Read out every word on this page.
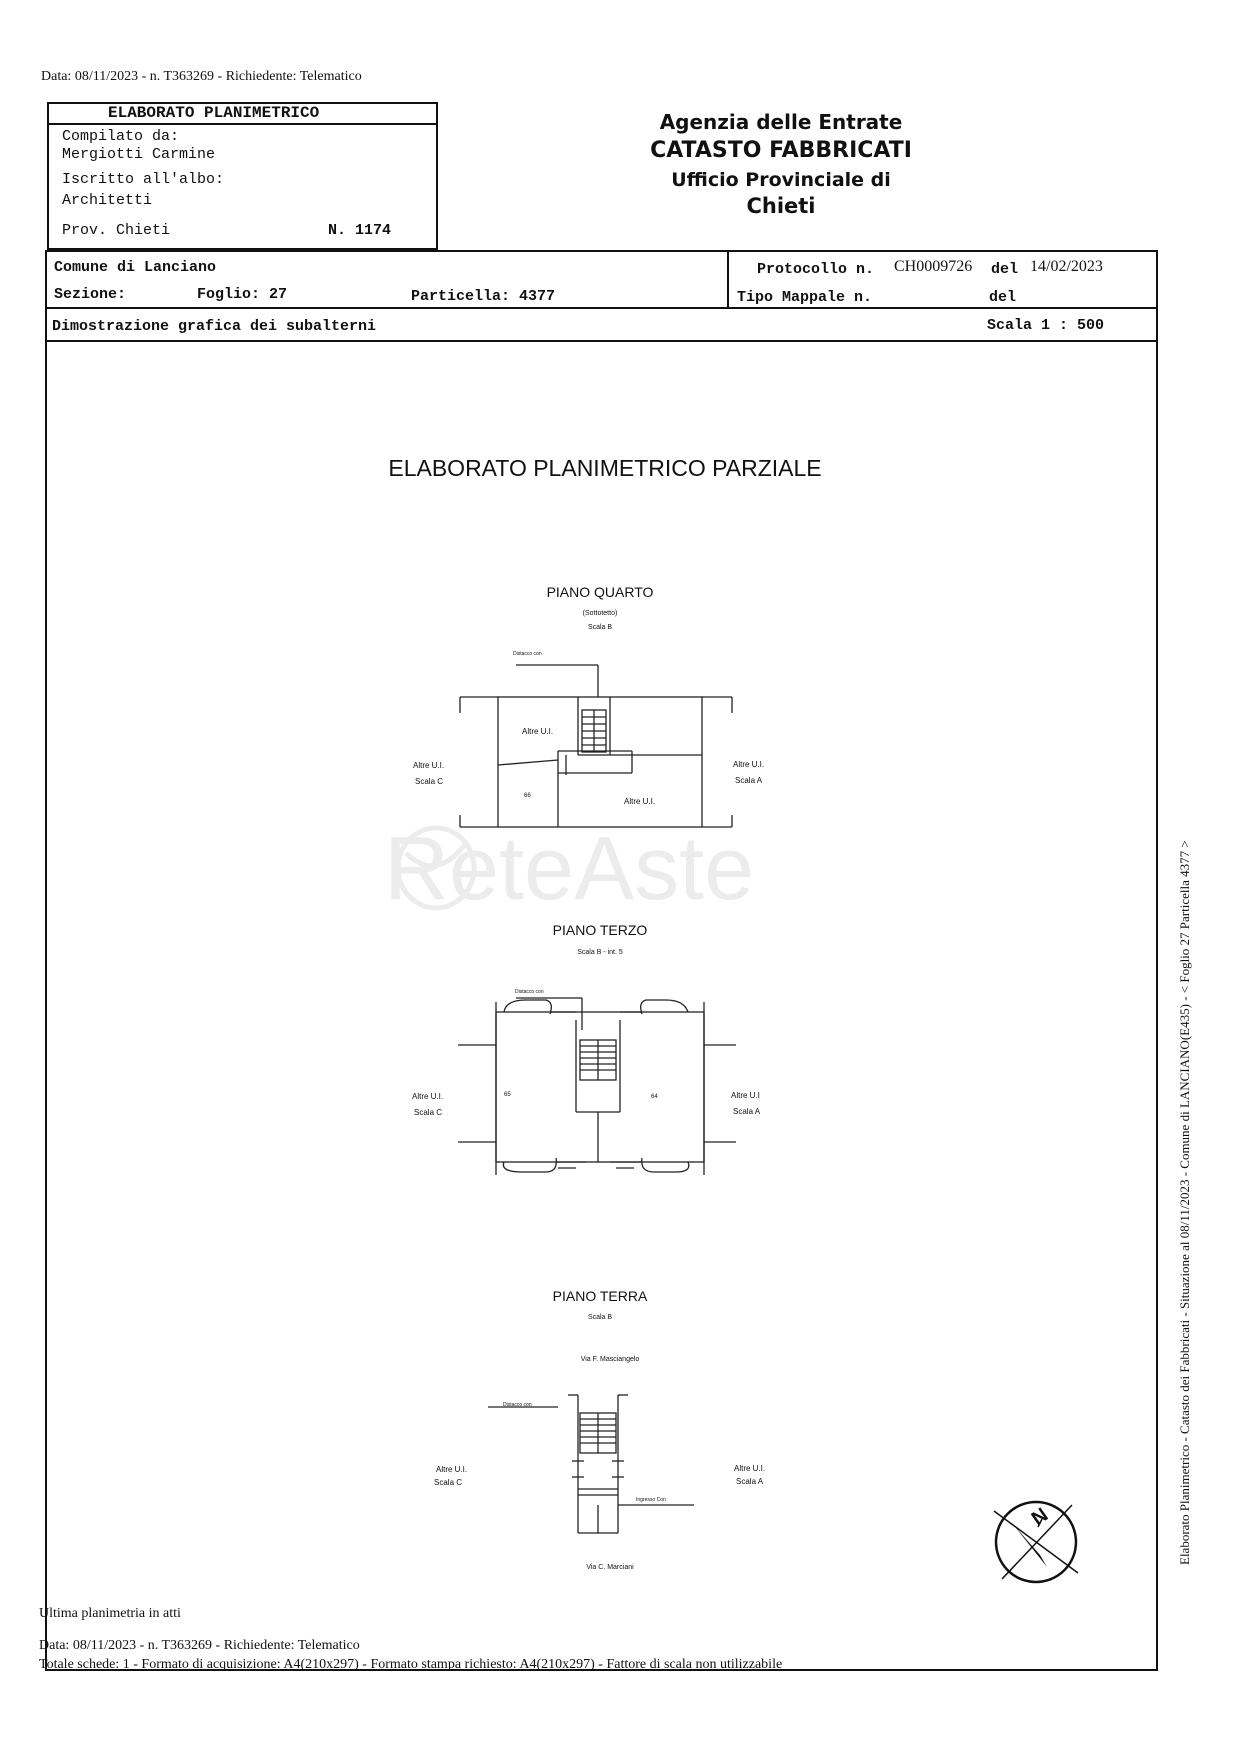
Data: 08/11/2023 - n. T363269 - Richiedente: Telematico
ELABORATO PLANIMETRICO
Compilato da:
Mergiotti Carmine
Iscritto all'albo:
Architetti
Prov. Chieti	N. 1174
Agenzia delle Entrate
CATASTO FABBRICATI
Ufficio Provinciale di
Chieti
Comune di Lanciano
Sezione:	Foglio: 27	Particella: 4377
Protocollo n. CH0009726 del 14/02/2023
Tipo Mappale n.	del
Dimostrazione grafica dei subalterni	Scala 1 : 500
ELABORATO PLANIMETRICO PARZIALE
ReteAste
PIANO QUARTO
(Sottotetto)
Scala B
Distacco con
Altre U.I.
Altre U.I.
66
Altre U.I.
Scala C
Altre U.I.
Scala A
PIANO TERZO
Scala B - int. 5
Distacco con
65	64
Altre U.I.
Scala C
Altre U.I
Scala A
PIANO TERRA
Scala B
Via F. Masciangelo
Distacco con
Ingresso Con
Altre U.I.
Scala C
Altre U.I.
Scala A
Via C. Marciani
N	Elaborato Planimetrico - Catasto dei Fabbricati - Situazione al 08/11/2023 - Comune di LANCIANO(E435) - < Foglio 27 Particella 4377 >
Ultima planimetria in atti
Data: 08/11/2023 - n. T363269 - Richiedente: Telematico
Totale schede: 1 - Formato di acquisizione: A4(210x297) - Formato stampa richiesto: A4(210x297) - Fattore di scala non utilizzabile
